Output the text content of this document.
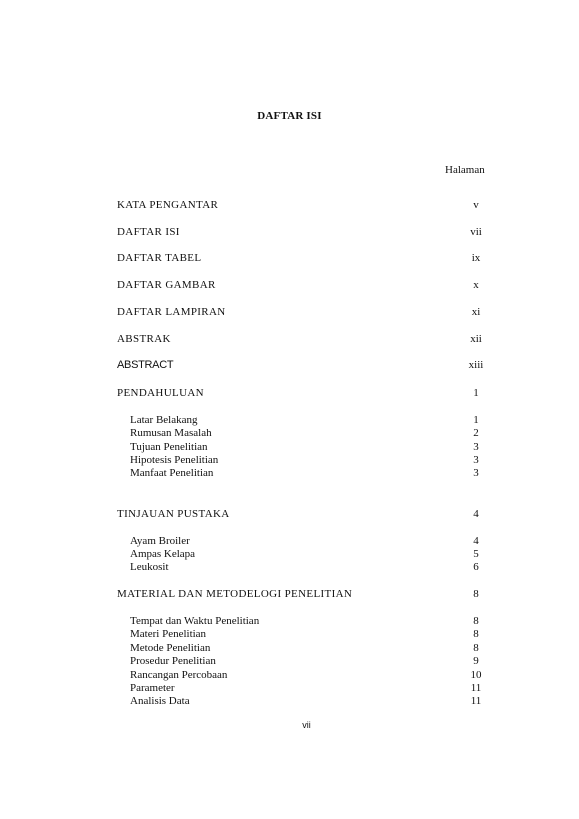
DAFTAR ISI
Halaman
KATA PENGANTAR	v
DAFTAR ISI	vii
DAFTAR TABEL	ix
DAFTAR GAMBAR	x
DAFTAR LAMPIRAN	xi
ABSTRAK	xii
ABSTRACT	xiii
PENDAHULUAN	1
Latar Belakang	1
Rumusan Masalah	2
Tujuan Penelitian	3
Hipotesis Penelitian	3
Manfaat Penelitian	3
TINJAUAN PUSTAKA	4
Ayam Broiler	4
Ampas Kelapa	5
Leukosit	6
MATERIAL DAN METODELOGI PENELITIAN	8
Tempat dan Waktu Penelitian	8
Materi Penelitian	8
Metode Penelitian	8
Prosedur Penelitian	9
Rancangan Percobaan	10
Parameter	11
Analisis Data	11
vii
